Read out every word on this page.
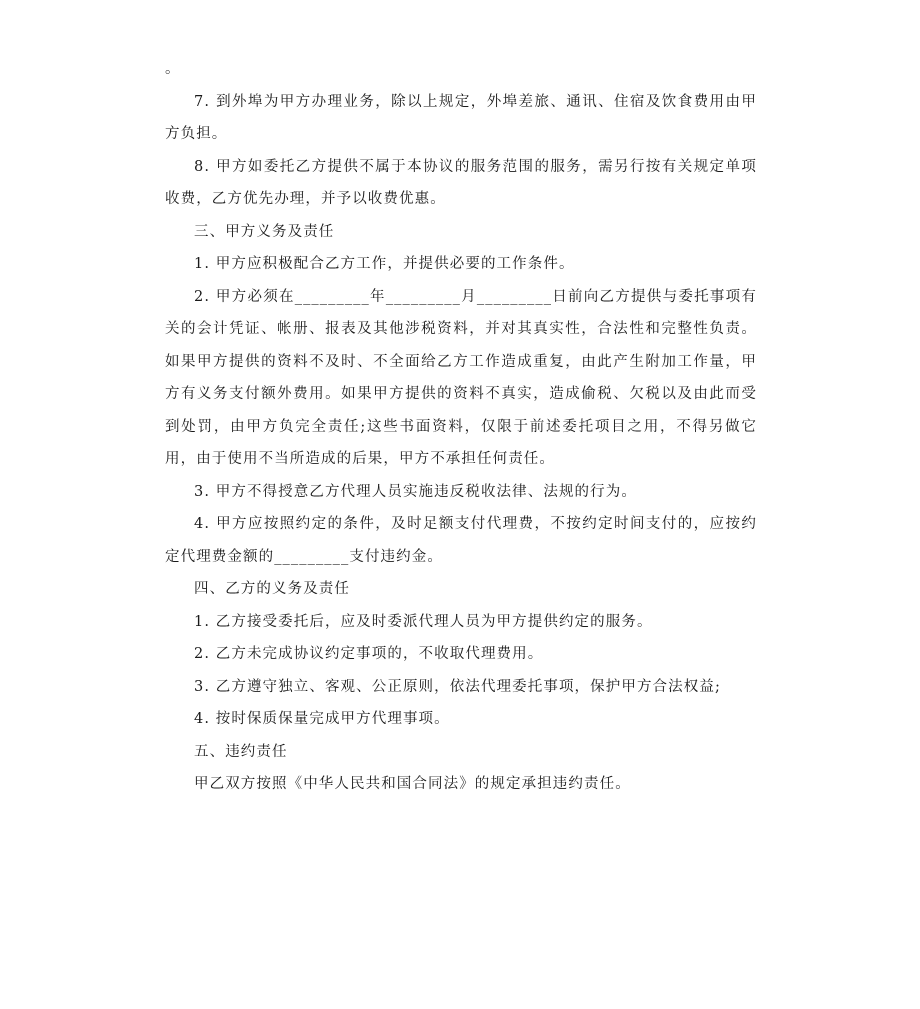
。

7. 到外埠为甲方办理业务，除以上规定，外埠差旅、通讯、住宿及饮食费用由甲方负担。

8. 甲方如委托乙方提供不属于本协议的服务范围的服务，需另行按有关规定单项收费，乙方优先办理，并予以收费优惠。

三、甲方义务及责任

1. 甲方应积极配合乙方工作，并提供必要的工作条件。

2. 甲方必须在_________年_________月_________日前向乙方提供与委托事项有关的会计凭证、帐册、报表及其他涉税资料，并对其真实性，合法性和完整性负责。如果甲方提供的资料不及时、不全面给乙方工作造成重复，由此产生附加工作量，甲方有义务支付额外费用。如果甲方提供的资料不真实，造成偷税、欠税以及由此而受到处罚，由甲方负完全责任;这些书面资料，仅限于前述委托项目之用，不得另做它用，由于使用不当所造成的后果，甲方不承担任何责任。

3. 甲方不得授意乙方代理人员实施违反税收法律、法规的行为。

4. 甲方应按照约定的条件，及时足额支付代理费，不按约定时间支付的，应按约定代理费金额的_________支付违约金。

四、乙方的义务及责任

1. 乙方接受委托后，应及时委派代理人员为甲方提供约定的服务。

2. 乙方未完成协议约定事项的，不收取代理费用。

3. 乙方遵守独立、客观、公正原则，依法代理委托事项，保护甲方合法权益;

4. 按时保质保量完成甲方代理事项。

五、违约责任

甲乙双方按照《中华人民共和国合同法》的规定承担违约责任。
